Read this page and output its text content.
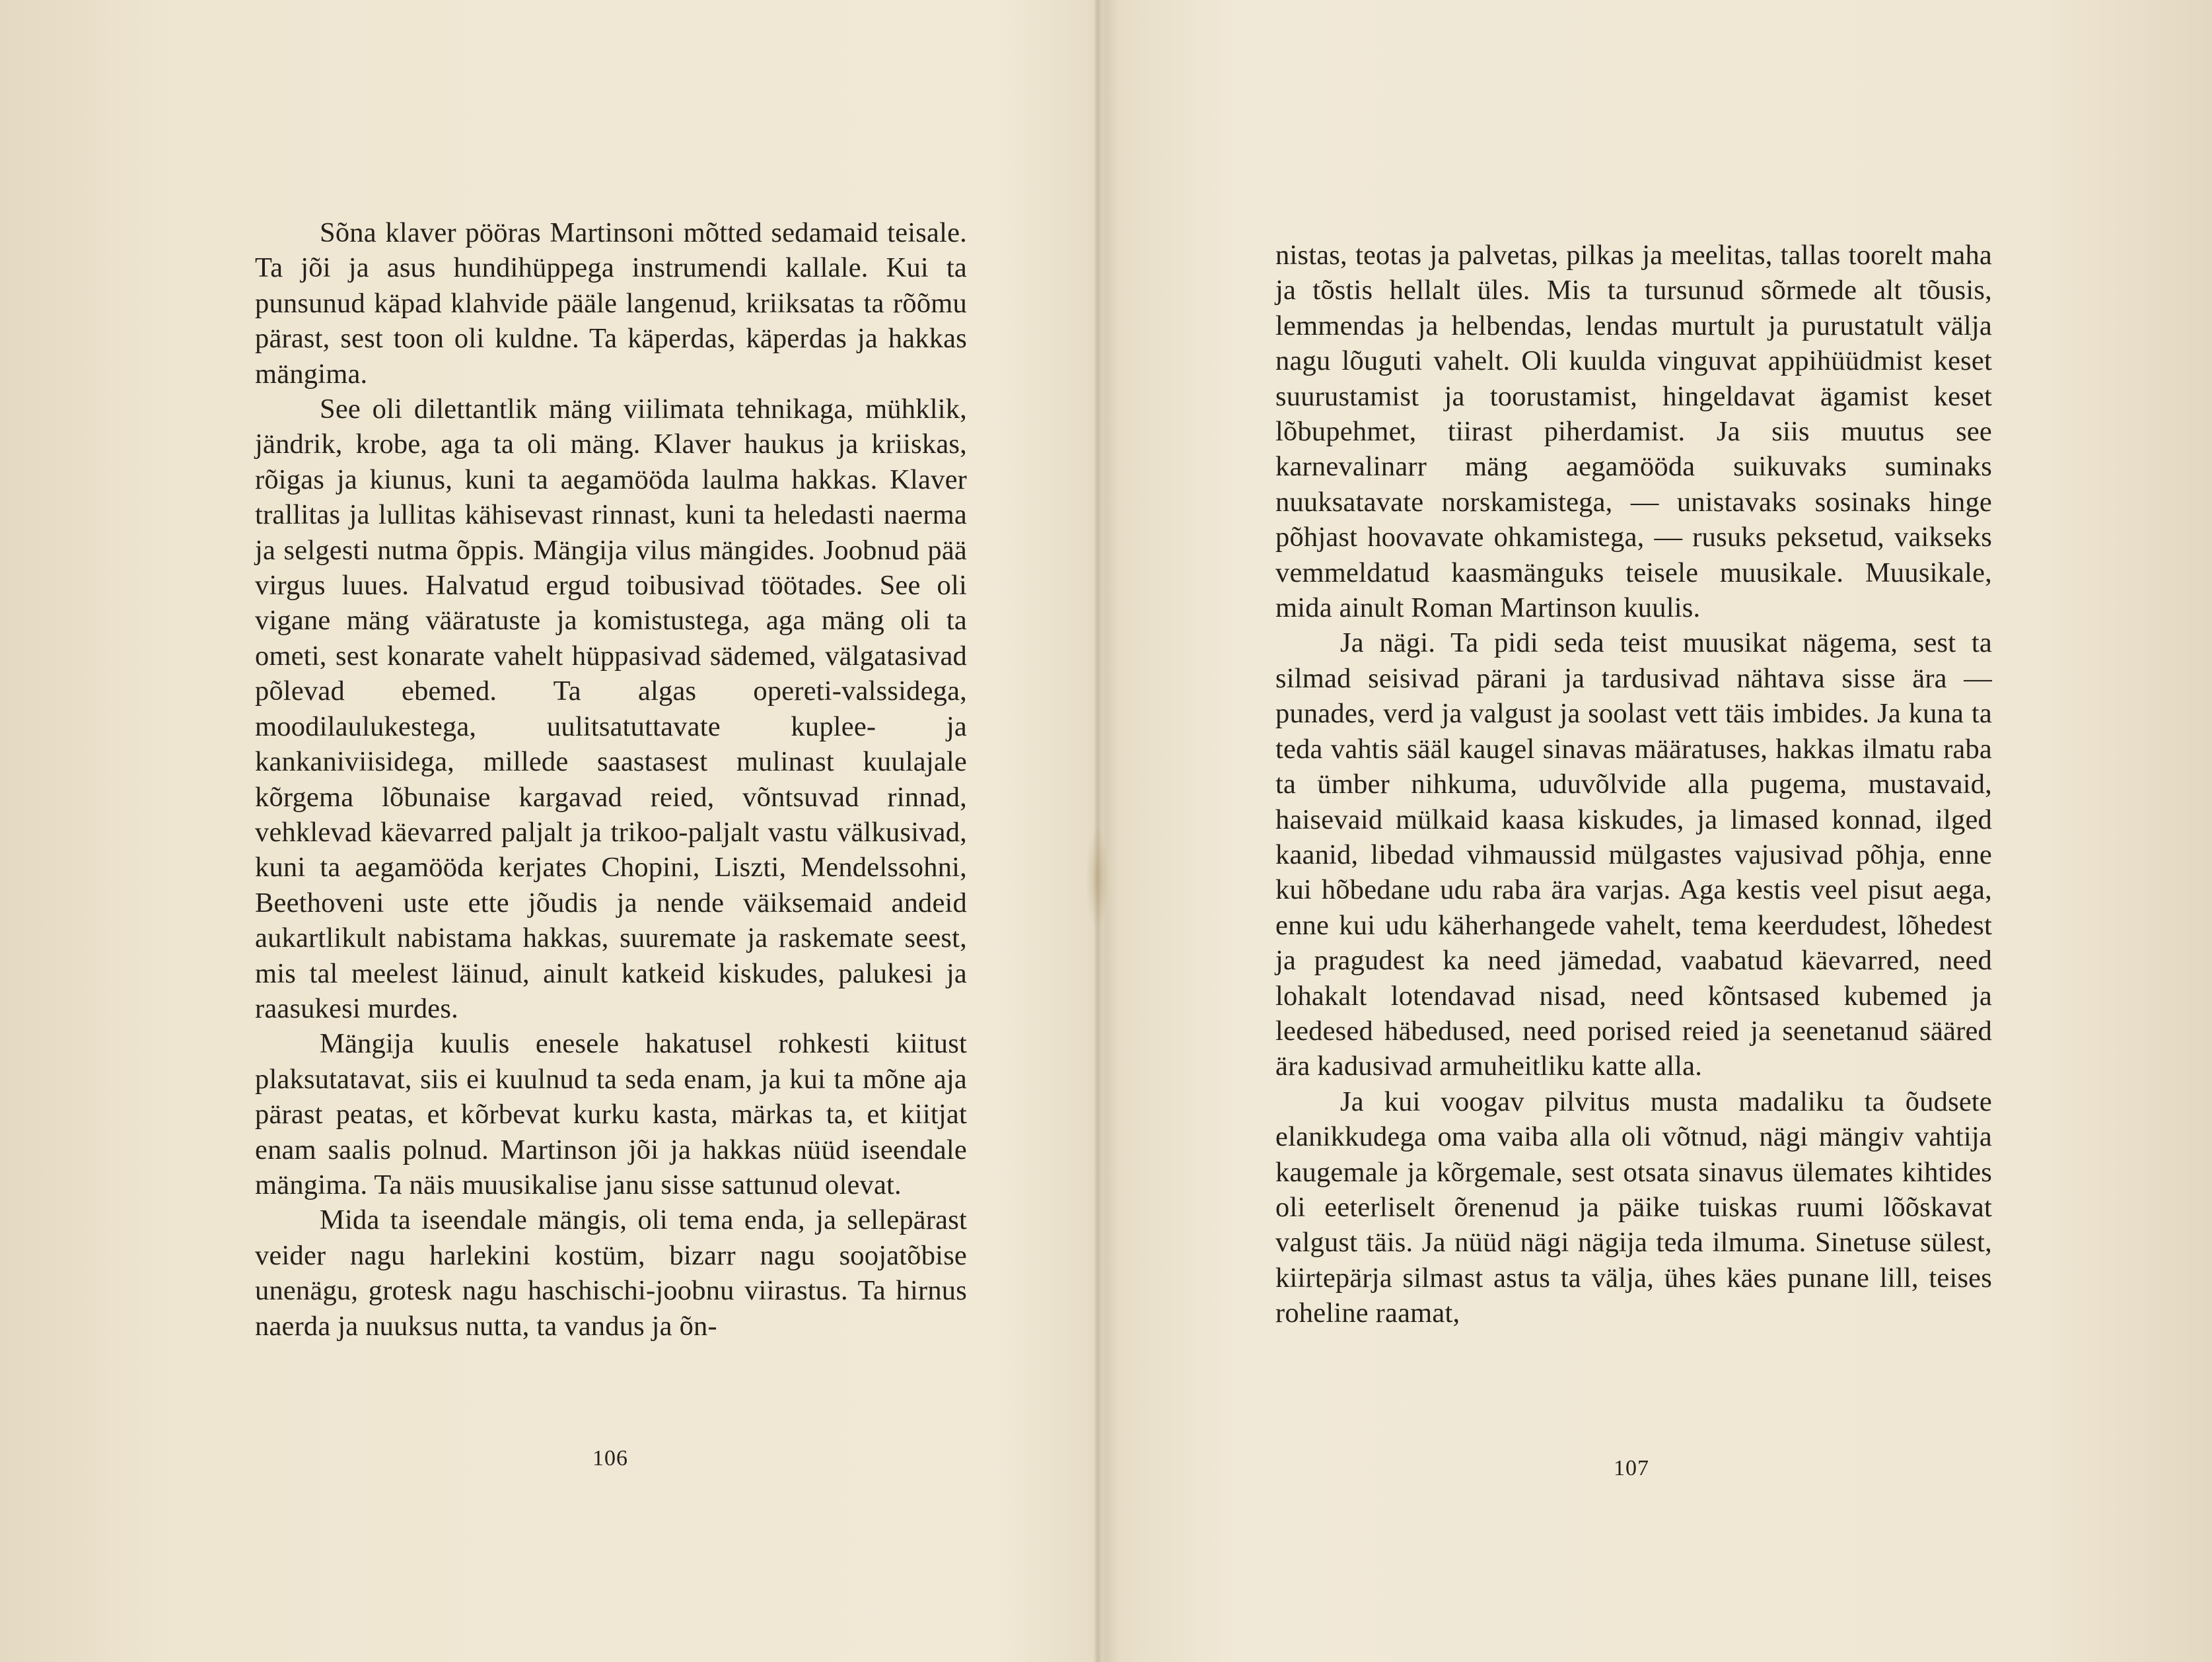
Sõna klaver pööras Martinsoni mõtted sedamaid teisale. Ta jõi ja asus hundihüppega instrumendi kallale. Kui ta punsunud käpad klahvide pääle langenud, kriiksatas ta rõõmu pärast, sest toon oli kuldne. Ta käperdas, käperdas ja hakkas mängima.

See oli dilettantlik mäng viilimata tehnikaga, mühklik, jändrik, krobe, aga ta oli mäng. Klaver haukus ja kriiskas, rõigas ja kiunus, kuni ta aegamööda laulma hakkas. Klaver trallitas ja lullitas kähisevast rinnast, kuni ta heledasti naerma ja selgesti nutma õppis. Mängija vilus mängides. Joobnud pää virgus luues. Halvatud ergud toibusivad töötades. See oli vigane mäng vääratuste ja komistustega, aga mäng oli ta ometi, sest konarate vahelt hüppasivad sädemed, välgatasivad põlevad ebemed. Ta algas opereti-valssidega, moodilaulukestega, uulitsatuttavate kuplee- ja kankaniviisidega, millede saastasest mulinast kuulajale kõrgema lõbunaise kargavad reied, võntsuvad rinnad, vehklevad käevarred paljalt ja trikoo-paljalt vastu välkusivad, kuni ta aegamööda kerjates Chopini, Liszti, Mendelssohni, Beethoveni uste ette jõudis ja nende väiksemaid andeid aukartlikult nabistama hakkas, suuremate ja raskemate seest, mis tal meelest läinud, ainult katkeid kiskudes, palukesi ja raasukesi murdes.

Mängija kuulis enesele hakatusel rohkesti kiitust plaksutatavat, siis ei kuulnud ta seda enam, ja kui ta mõne aja pärast peatas, et kõrbevat kurku kasta, märkas ta, et kiitjat enam saalis polnud. Martinson jõi ja hakkas nüüd iseendale mängima. Ta näis muusikalise janu sisse sattunud olevat.

Mida ta iseendale mängis, oli tema enda, ja sellepärast veider nagu harlekini kostüm, bizarr nagu soojatõbise unenägu, grotesk nagu haschischi-joobnu viirastus. Ta hirnus naerda ja nuuksus nutta, ta vandus ja õn-

106

nistas, teotas ja palvetas, pilkas ja meelitas, tallas toorelt maha ja tõstis hellalt üles. Mis ta tursunud sõrmede alt tõusis, lemmendas ja helbendas, lendas murtult ja purustatult välja nagu lõuguti vahelt. Oli kuulda vinguvat appihüüdmist keset suurustamist ja toorustamist, hingeldavat ägamist keset lõbupehmet, tiirast piherdamist. Ja siis muutus see karnevalinarr mäng aegamööda suikuvaks suminaks nuuksatavate norskamistega, — unistavaks sosinaks hinge põhjast hoovavate ohkamistega, — rusuks peksetud, vaikseks vemmeldatud kaasmänguks teisele muusikale. Muusikale, mida ainult Roman Martinson kuulis.

Ja nägi. Ta pidi seda teist muusikat nägema, sest ta silmad seisivad pärani ja tardusivad nähtava sisse ära — punades, verd ja valgust ja soolast vett täis imbides. Ja kuna ta teda vahtis sääl kaugel sinavas määratuses, hakkas ilmatu raba ta ümber nihkuma, uduvõlvide alla pugema, mustavaid, haisevaid mülkaid kaasa kiskudes, ja limased konnad, ilged kaanid, libedad vihmaussid mülgastes vajusivad põhja, enne kui hõbedane udu raba ära varjas. Aga kestis veel pisut aega, enne kui udu käherhangede vahelt, tema keerdudest, lõhedest ja pragudest ka need jämedad, vaabatud käevarred, need lohakalt lotendavad nisad, need kõntsased kubemed ja leedesed häbedused, need porised reied ja seenetanud sääred ära kadusivad armuheitliku katte alla.

Ja kui voogav pilvitus musta madaliku ta õudsete elanikkudega oma vaiba alla oli võtnud, nägi mängiv vahtija kaugemale ja kõrgemale, sest otsata sinavus ülemates kihtides oli eeterliselt õrenenud ja päike tuiskas ruumi lõõskavat valgust täis. Ja nüüd nägi nägija teda ilmuma. Sinetuse sülest, kiirtepärja silmast astus ta välja, ühes käes punane lill, teises roheline raamat,

107
